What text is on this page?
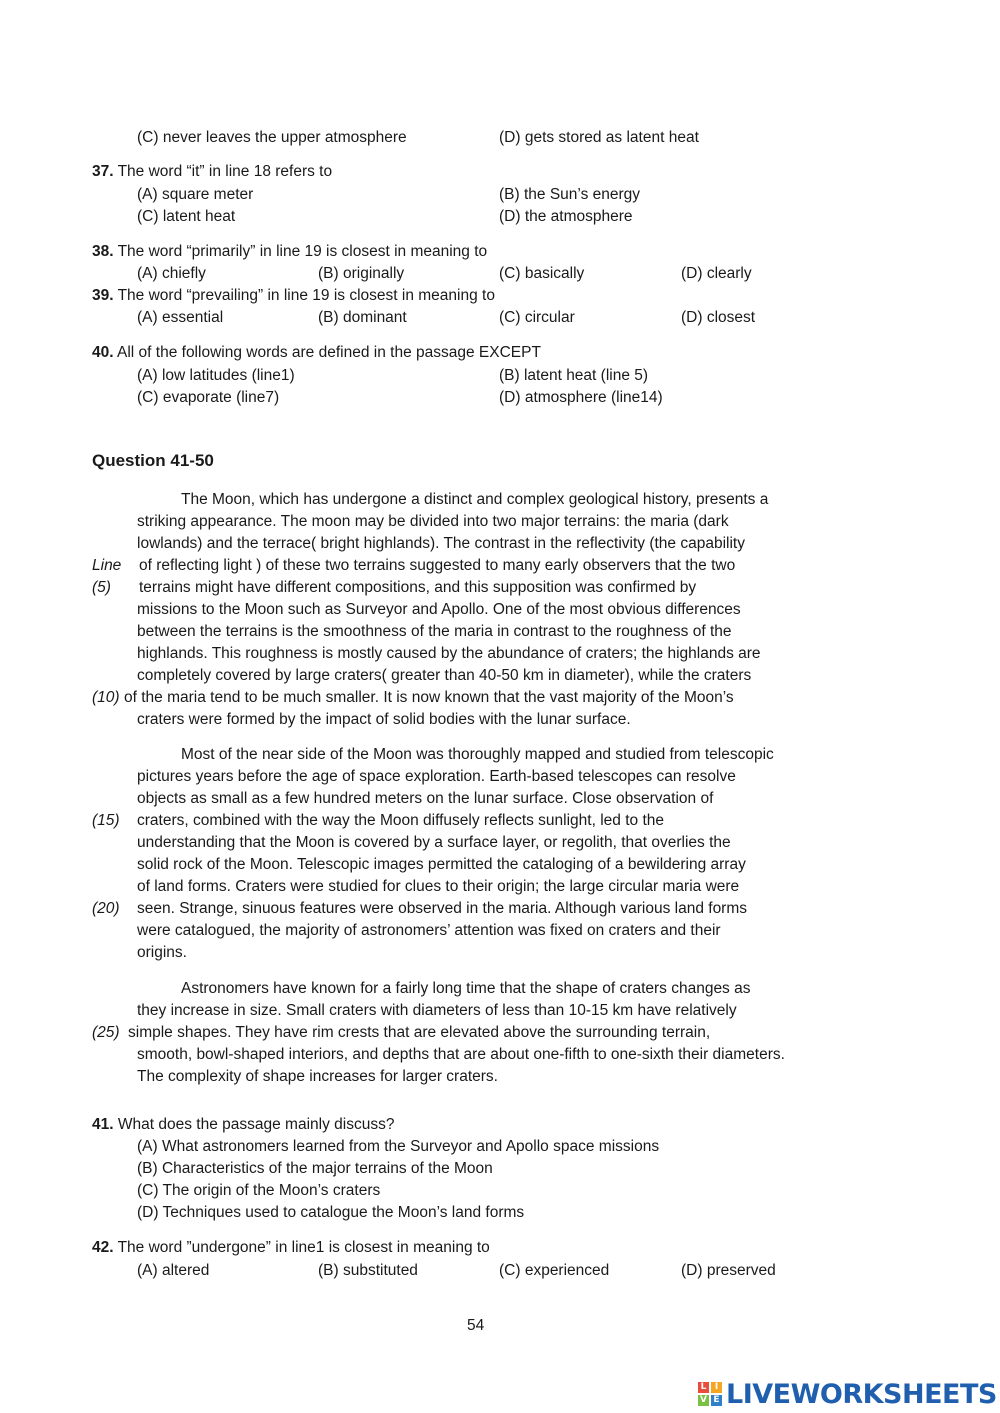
(C) never leaves the upper atmosphere	(D) gets stored as latent heat
37. The word “it” in line 18 refers to
(A) square meter	(B) the Sun’s energy
(C) latent heat	(D) the atmosphere
38. The word “primarily” in line 19 is closest in meaning to
(A) chiefly	(B) originally	(C) basically	(D) clearly
39. The word “prevailing” in line 19 is closest in meaning to
(A) essential	(B) dominant	(C) circular	(D) closest
40. All of the following words are defined in the passage EXCEPT
(A) low latitudes (line1)	(B) latent heat (line 5)
(C) evaporate (line7)	(D) atmosphere (line14)
Question 41-50
The Moon, which has undergone a distinct and complex geological history, presents a
striking appearance. The moon may be divided into two major terrains: the maria (dark
lowlands) and the terrace( bright highlands). The contrast in the reflectivity (the capability
Line of reflecting light ) of these two terrains suggested to many early observers that the two
(5) terrains might have different compositions, and this supposition was confirmed by
missions to the Moon such as Surveyor and Apollo. One of the most obvious differences
between the terrains is the smoothness of the maria in contrast to the roughness of the
highlands. This roughness is mostly caused by the abundance of craters; the highlands are
completely covered by large craters( greater than 40-50 km in diameter), while the craters
(10) of the maria tend to be much smaller. It is now known that the vast majority of the Moon’s
craters were formed by the impact of solid bodies with the lunar surface.
Most of the near side of the Moon was thoroughly mapped and studied from telescopic
pictures years before the age of space exploration. Earth-based telescopes can resolve
objects as small as a few hundred meters on the lunar surface. Close observation of
(15) craters, combined with the way the Moon diffusely reflects sunlight, led to the
understanding that the Moon is covered by a surface layer, or regolith, that overlies the
solid rock of the Moon. Telescopic images permitted the cataloging of a bewildering array
of land forms. Craters were studied for clues to their origin; the large circular maria were
(20) seen. Strange, sinuous features were observed in the maria. Although various land forms
were catalogued, the majority of astronomers’ attention was fixed on craters and their
origins.
Astronomers have known for a fairly long time that the shape of craters changes as
they increase in size. Small craters with diameters of less than 10-15 km have relatively
(25) simple shapes. They have rim crests that are elevated above the surrounding terrain,
smooth, bowl-shaped interiors, and depths that are about one-fifth to one-sixth their diameters.
The complexity of shape increases for larger craters.
41. What does the passage mainly discuss?
(A) What astronomers learned from the Surveyor and Apollo space missions
(B) Characteristics of the major terrains of the Moon
(C) The origin of the Moon’s craters
(D) Techniques used to catalogue the Moon’s land forms
42. The word ”undergone” in line1 is closest in meaning to
(A) altered	(B) substituted	(C) experienced	(D) preserved
54
L I
V E LIVEWORKSHEETS
